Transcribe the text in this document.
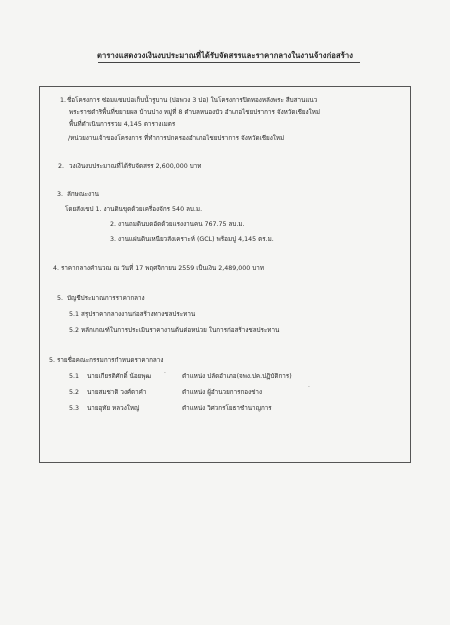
ตารางแสดงวงเงินงบประมาณที่ได้รับจัดสรรและราคากลางในงานจ้างก่อสร้าง
1. ชื่อโครงการ ซ่อมแซมบ่อเก็บน้ำรูบาน (บ่อพวง 3 บ่อ) ในโครงการปิดทองหลังพระ สืบสานแนว
พระราชดำริพื้นที่ขยายผล บ้านปาง หมู่ที่ 8 ตำบลหนองบัว อำเภอไชยปราการ จังหวัดเชียงใหม่
พื้นที่ดำเนินการรวม 4,145 ตารางเมตร
/หน่วยงานเจ้าของโครงการ ที่ทำการปกครองอำเภอไชยปราการ จังหวัดเชียงใหม่
2. วงเงินงบประมาณที่ได้รับจัดสรร 2,600,000 บาท
3. ลักษณะงาน
โดยสังเขป 1. งานดินขุดด้วยเครื่องจักร 540 ลบ.ม.
2. งานถมดินบดอัดด้วยแรงงานคน 767.75 ลบ.ม.
3. งานแผ่นดินเหนียวสังเคราะห์ (GCL) พร้อมปู 4,145 ตร.ม.
4. ราคากลางคำนวณ ณ วันที่ 17 พฤศจิกายน 2559 เป็นเงิน 2,489,000 บาท
5. บัญชีประมาณการราคากลาง
5.1 สรุปราคากลางงานก่อสร้างทางชลประทาน
5.2 หลักเกณฑ์ในการประเมินราคางานต้นต่อหน่วย ในการก่อสร้างชลประทาน
5. รายชื่อคณะกรรมการกำหนดราคากลาง
5.1 นายเกียรติศักดิ์ น้อยพุฒ	ตำแหน่ง ปลัดอำเภอ(จพง.ปค.ปฏิบัติการ)
5.2 นายสมชาติ วงศ์ตาคำ	ตำแหน่ง ผู้อำนวยการกองช่าง
5.3 นายอุทัย หลวงใหญ่	ตำแหน่ง วิศวกรโยธาชำนาญการ
·
·
